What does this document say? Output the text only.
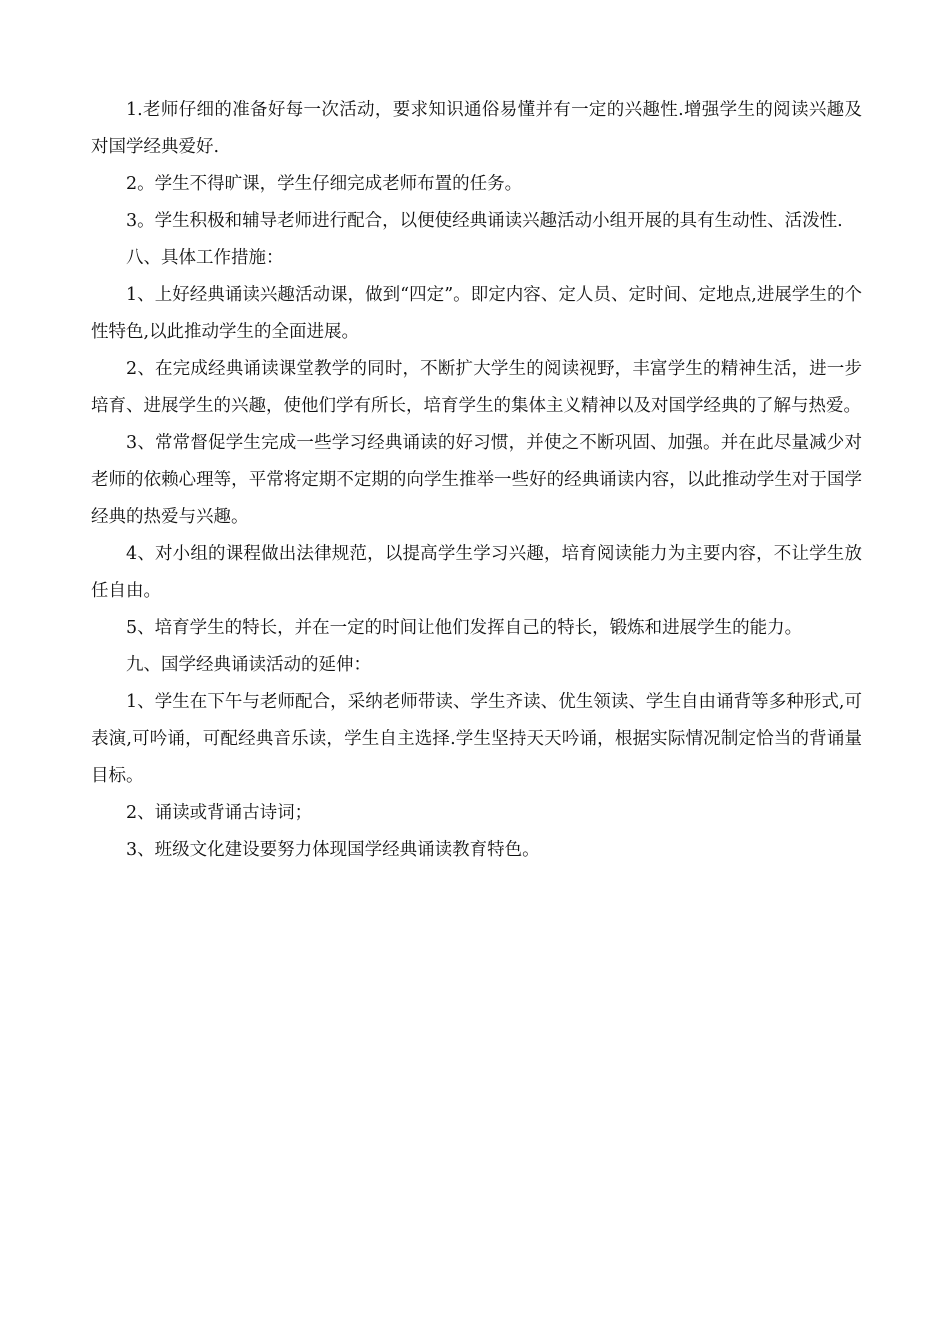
1.老师仔细的准备好每一次活动，要求知识通俗易懂并有一定的兴趣性.增强学生的阅读兴趣及对国学经典爱好.

2。学生不得旷课，学生仔细完成老师布置的任务。

3。学生积极和辅导老师进行配合，以便使经典诵读兴趣活动小组开展的具有生动性、活泼性.

八、具体工作措施：

1、上好经典诵读兴趣活动课，做到“四定”。即定内容、定人员、定时间、定地点,进展学生的个性特色,以此推动学生的全面进展。

2、在完成经典诵读课堂教学的同时，不断扩大学生的阅读视野，丰富学生的精神生活，进一步培育、进展学生的兴趣，使他们学有所长，培育学生的集体主义精神以及对国学经典的了解与热爱。

3、常常督促学生完成一些学习经典诵读的好习惯，并使之不断巩固、加强。并在此尽量减少对老师的依赖心理等，平常将定期不定期的向学生推举一些好的经典诵读内容，以此推动学生对于国学经典的热爱与兴趣。

4、对小组的课程做出法律规范，以提高学生学习兴趣，培育阅读能力为主要内容，不让学生放任自由。

5、培育学生的特长，并在一定的时间让他们发挥自己的特长，锻炼和进展学生的能力。

九、国学经典诵读活动的延伸：

1、学生在下午与老师配合，采纳老师带读、学生齐读、优生领读、学生自由诵背等多种形式,可表演,可吟诵，可配经典音乐读，学生自主选择.学生坚持天天吟诵，根据实际情况制定恰当的背诵量目标。

2、诵读或背诵古诗词；

3、班级文化建设要努力体现国学经典诵读教育特色。
